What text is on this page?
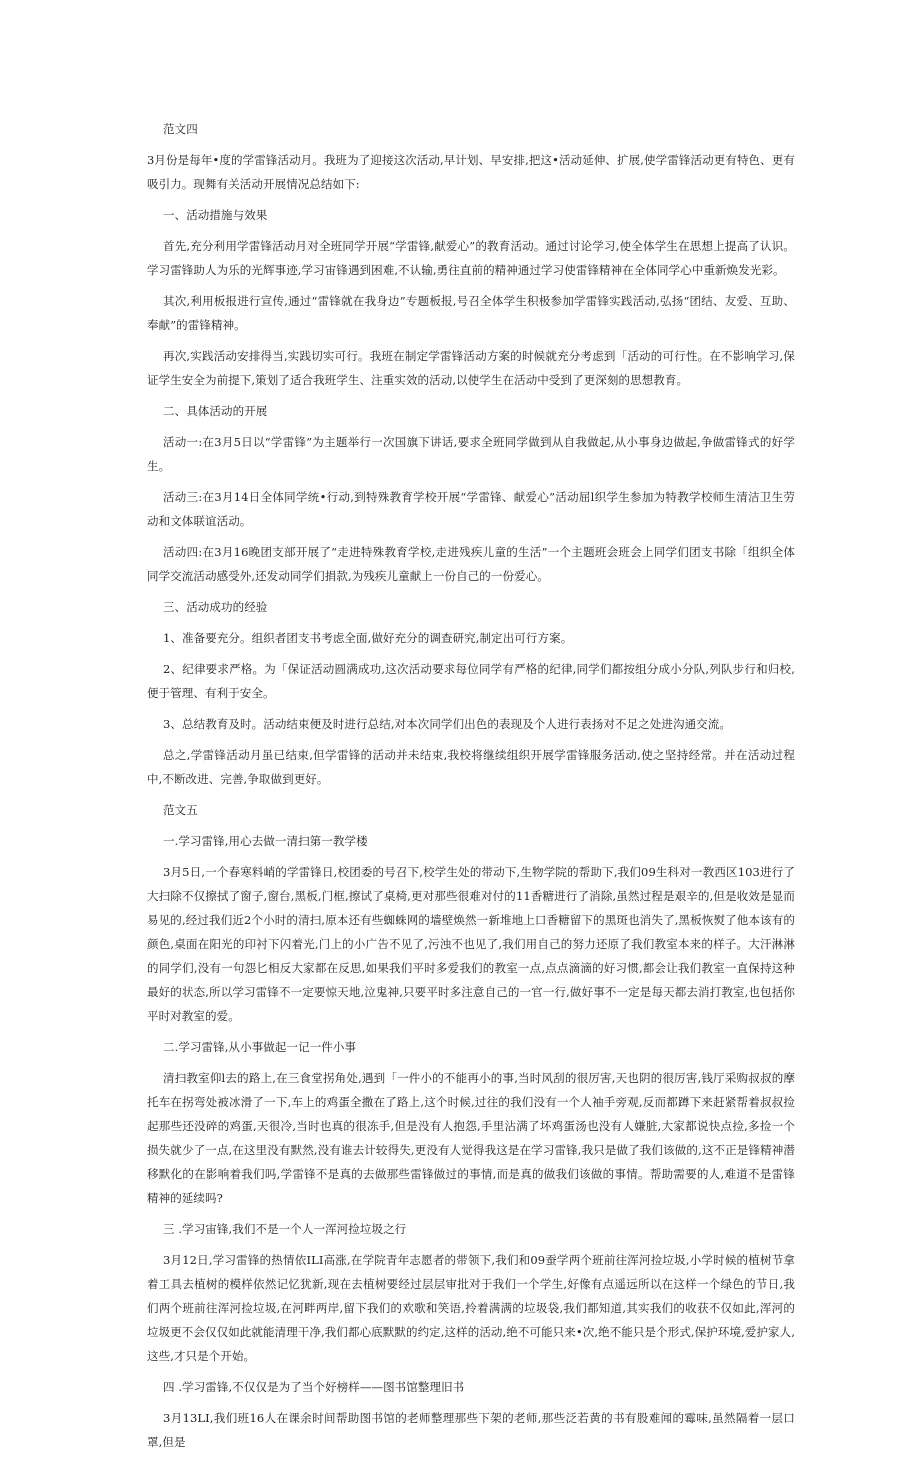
范文四

3月份是每年•度的学雷锋活动月。我班为了迎接这次活动,早计划、早安排,把这•活动延伸、扩展,使学雷锋活动更有特色、更有吸引力。现舞有关活动开展情况总结如下:

一、活动措施与效果

首先,充分利用学雷锋活动月对全班同学开展“学雷锋,献爱心”的教育活动。通过讨论学习,使全体学生在思想上提高了认识。学习雷锋助人为乐的光辉事迹,学习宙锋遇到困难,不认输,勇往直前的精神通过学习使雷锋精神在全体同学心中重新焕发光彩。

其次,利用板报进行宣传,通过“雷锋就在我身边”专题板报,号召全体学生积极参加学雷锋实践活动,弘扬“团结、友爱、互助、奉献”的雷锋精神。

再次,实践活动安排得当,实践切实可行。我班在制定学雷锋活动方案的时候就充分考虑到「活动的可行性。在不影响学习,保证学生安全为前提下,策划了适合我班学生、注重实效的活动,以使学生在活动中受到了更深刻的思想教育。

二、具体活动的开展

活动一:在3月5日以“学雷锋”为主题举行一次国旗下讲话,要求全班同学做到从自我做起,从小事身边做起,争做雷锋式的好学生。

活动三:在3月14日全体同学统•行动,到特殊教育学校开展“学雷锋、献爱心”活动屈l织学生参加为特教学校师生清洁卫生劳动和文体联谊活动。

活动四:在3月16晚团支部开展了“走进特殊教育学校,走进残疾儿童的生活”一个主题班会班会上同学们团支书除「组织全体同学交流活动感受外,还发动同学们捐款,为残疾儿童献上一份自己的一份爱心。

三、活动成功的经验

1、准备要充分。组织者团支书考虑全面,做好充分的调查研究,制定出可行方案。

2、纪律要求严格。为「保证活动圆满成功,这次活动要求每位同学有严格的纪律,同学们都按组分成小分队,列队步行和归校,便于管理、有利于安全。

3、总结教育及时。活动结束便及时进行总结,对本次同学们出色的表现及个人进行表扬对不足之处进沟通交流。

总之,学雷锋活动月虽已结束,但学雷锋的活动并未结束,我校将继续组织开展学雷锋服务活动,使之坚持经常。并在活动过程中,不断改进、完善,争取做到更好。

范文五

一.学习雷锋,用心去做一清扫第一教学楼

3月5日,一个春寒料峭的学雷锋日,校团委的号召下,校学生处的带动下,生物学院的帮助下,我们09生科对一教西区103进行了大扫除不仅擦拭了窗子,窗台,黑板,门框,擦试了桌椅,更对那些很难对付的11香糖进行了消除,虽然过程是艰辛的,但是收效是显而易见的,经过我们近2个小时的清扫,原本还有些蜘蛛网的墙壁焕然一新堆地上口香糖留下的黑斑也消失了,黑板恢熨了他本该有的颜色,桌面在阳光的印衬下闪着光,门上的小广告不见了,污浊不也见了,我们用自己的努力还原了我们教室本来的样子。大汗淋淋的同学们,没有一句怨匕相反大家都在反思,如果我们平时多爱我们的教室一点,点点滴滴的好习惯,都会让我们教室一直保持这种最好的状态,所以学习雷锋不一定要惊天地,泣鬼神,只要平时多注意自己的一官一行,做好事不一定是每天都去消打教室,也包括你平时对教室的爱。

二.学习雷锋,从小事做起一记一件小事

清扫教室仰l去的路上,在三食堂拐角处,遇到「一件小的不能再小的事,当时风刮的很厉害,天也阴的很厉害,钱厅采购叔叔的摩托车在拐弯处被冰滑了一下,车上的鸡蛋全撒在了路上,这个时候,过往的我们没有一个人袖手旁观,反而都蹲下来赶紧帮着叔叔捡起那些还没碎的鸡蛋,天很冷,当时也真的很冻手,但是没有人抱怨,手里沾满了坏鸡蛋汤也没有人嫌脏,大家都说快点捡,多捡一个损失就少了一点,在这里没有默然,没有谁去计较得失,更没有人觉得我这是在学习雷锋,我只是做了我们该做的,这不正是锋精神潜移默化的在影响着我们吗,学雷锋不是真的去做那些雷锋做过的事情,而是真的做我们该做的事情。帮助需要的人,难道不是雷锋精神的延续吗?

三 .学习宙锋,我们不是一个人一浑河捡垃圾之行

3月12日,学习雷锋的热情依ILI高涨,在学院青年志愿者的带领下,我们和09蚕学两个班前往浑河捡垃圾,小学时候的植树节拿着工具去植树的模样依然记忆犹新,现在去植树要经过层层审批对于我们一个学生,好像有点遥远所以在这样一个绿色的节日,我们两个班前往浑河捡垃圾,在河畔两岸,留下我们的欢歌和笑语,拎着满满的垃圾袋,我们都知道,其实我们的收获不仅如此,浑河的垃圾更不会仅仅如此就能清理干净,我们都心底默默的约定,这样的活动,绝不可能只来•次,绝不能只是个形式,保护环境,爱护家人,这些,才只是个开始。

四 .学习雷锋,不仅仅是为了当个好榜样——图书馆整理旧书

3月13LI,我们班16人在课余时间帮助图书馆的老师整理那些下架的老师,那些泛若黄的书有股难闻的霉味,虽然隔着一层口罩,但是
